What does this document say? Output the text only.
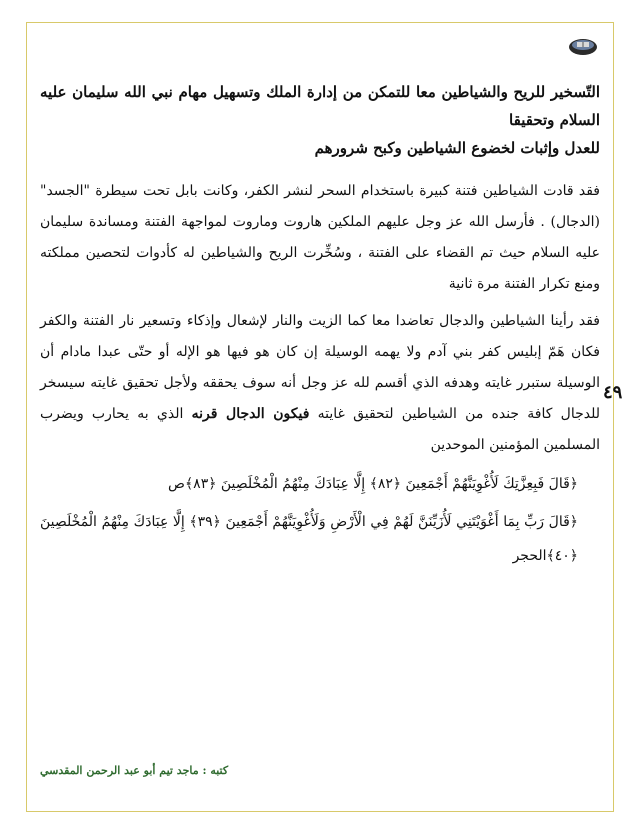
٤٩
التّسخير للريح والشياطين معا للتمكن من إدارة الملك وتسهيل مهام نبي الله سليمان عليه السلام وتحقيقا
للعدل وإثبات لخضوع الشياطين وكبح شرورهم

فقد قادت الشياطين فتنة كبيرة باستخدام السحر لنشر الكفر، وكانت بابل تحت سيطرة "الجسد" (الدجال) . فأرسل الله عز وجل عليهم الملكين هاروت وماروت لمواجهة الفتنة ومساندة سليمان عليه السلام حيث تم القضاء على الفتنة ، وسُخِّرت الريح والشياطين له كأدوات لتحصين مملكته ومنع تكرار الفتنة مرة ثانية

فقد رأينا الشياطين والدجال تعاضدا معا كما الزيت والنار لإشعال وإذكاء وتسعير نار الفتنة والكفر فكان هَمّ إبليس كفر بني آدم ولا يهمه الوسيلة إن كان هو فيها هو الإله أو حتّى عبدا مادام أن الوسيلة ستبرر غايته وهدفه الذي أقسم لله عز وجل أنه سوف يحققه ولأجل تحقيق غايته سيسخر للدجال كافة جنده من الشياطين لتحقيق غايته فيكون الدجال قرنه الذي به يحارب ويضرب المسلمين المؤمنين الموحدين

﴿قَالَ فَبِعِزَّتِكَ لَأُغْوِيَنَّهُمْ أَجْمَعِينَ ﴿٨٢﴾ إِلَّا عِبَادَكَ مِنْهُمُ الْمُخْلَصِينَ ﴿٨٣﴾ص

﴿قَالَ رَبِّ بِمَا أَغْوَيْتَنِي لَأُزَيِّنَنَّ لَهُمْ فِي الْأَرْضِ وَلَأُغْوِيَنَّهُمْ أَجْمَعِينَ ﴿٣٩﴾ إِلَّا عِبَادَكَ مِنْهُمُ الْمُخْلَصِينَ ﴿٤٠﴾الحجر

كتبه : ماجد تيم أبو عبد الرحمن المقدسي
